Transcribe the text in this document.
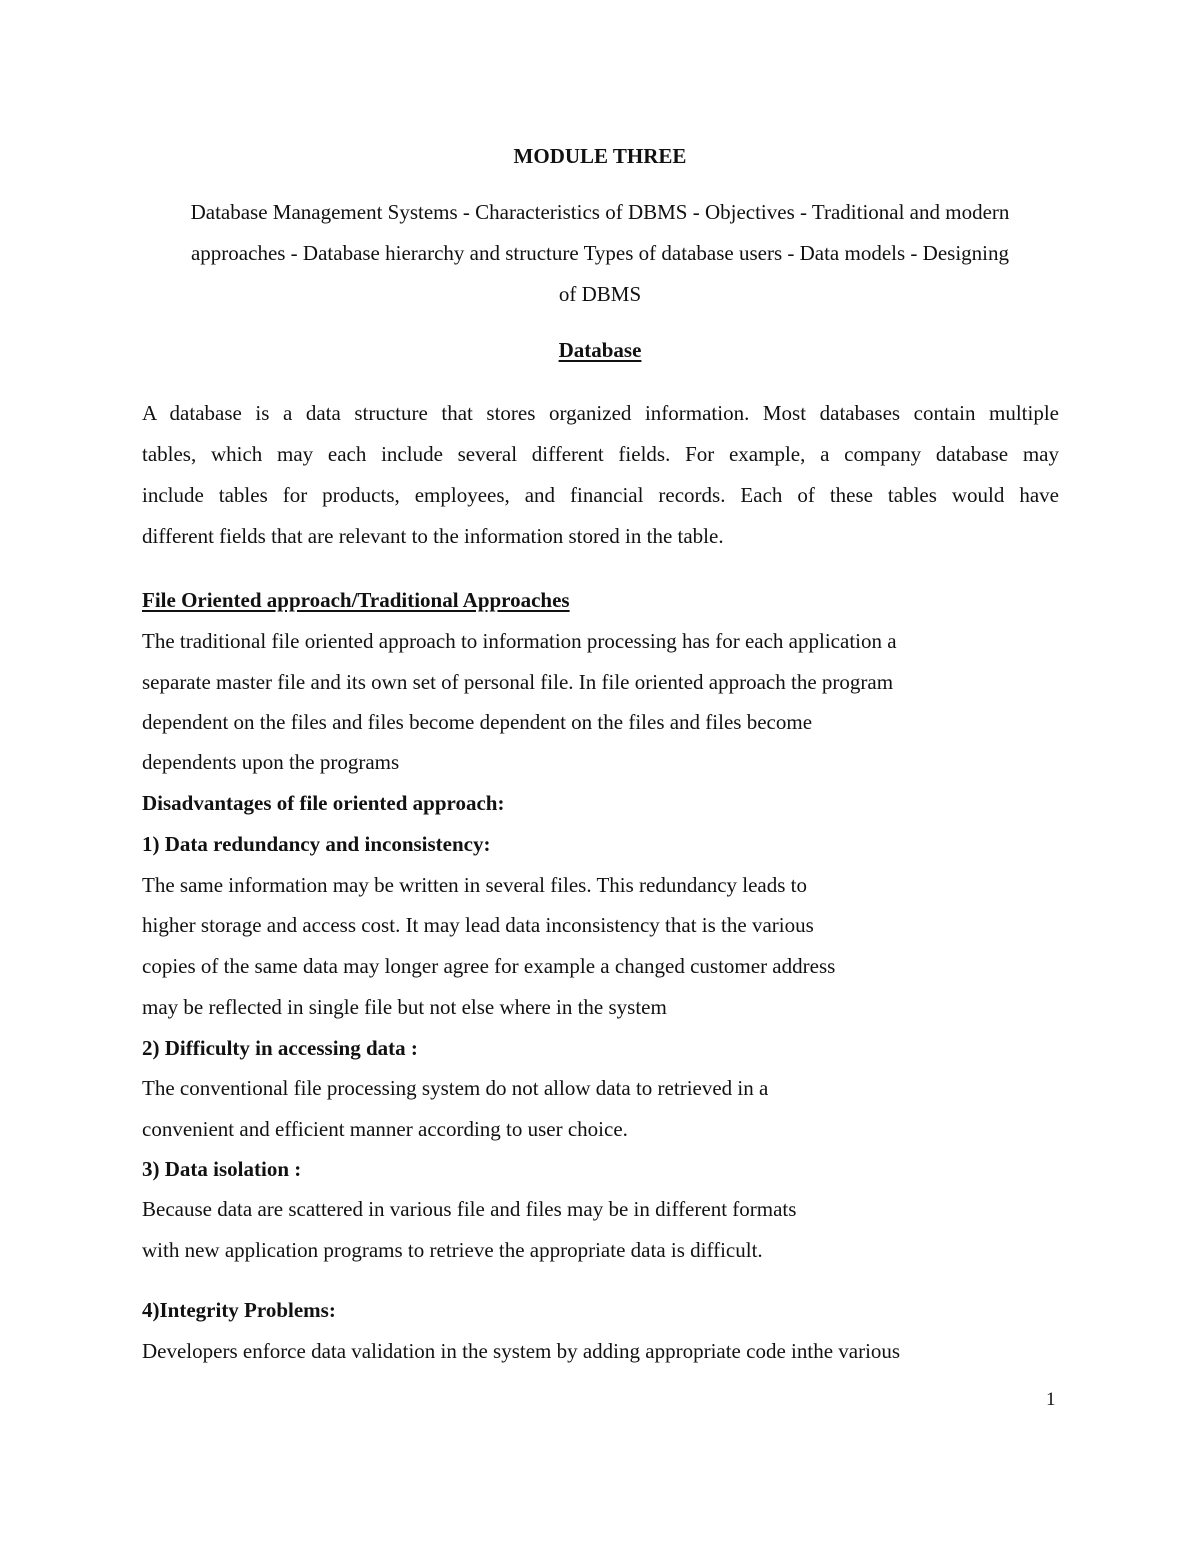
MODULE THREE
Database Management Systems - Characteristics of DBMS - Objectives - Traditional and modern
approaches - Database hierarchy and structure Types of database users - Data models - Designing
of DBMS
Database
A database is a data structure that stores organized information. Most databases contain multiple
tables, which may each include several different fields. For example, a company database may
include tables for products, employees, and financial records. Each of these tables would have
different fields that are relevant to the information stored in the table.
File Oriented approach/Traditional Approaches
The traditional file oriented approach to information processing has for each application a
separate master file and its own set of personal file. In file oriented approach the program
dependent on the files and files become dependent on the files and files become
dependents upon the programs
Disadvantages of file oriented approach:
1) Data redundancy and inconsistency:
The same information may be written in several files. This redundancy leads to
higher storage and access cost. It may lead data inconsistency that is the various
copies of the same data may longer agree for example a changed customer address
may be reflected in single file but not else where in the system
2) Difficulty in accessing data :
The conventional file processing system do not allow data to retrieved in a
convenient and efficient manner according to user choice.
3) Data isolation :
Because data are scattered in various file and files may be in different formats
with new application programs to retrieve the appropriate data is difficult.
4)Integrity Problems:
Developers enforce data validation in the system by adding appropriate code inthe various
1
